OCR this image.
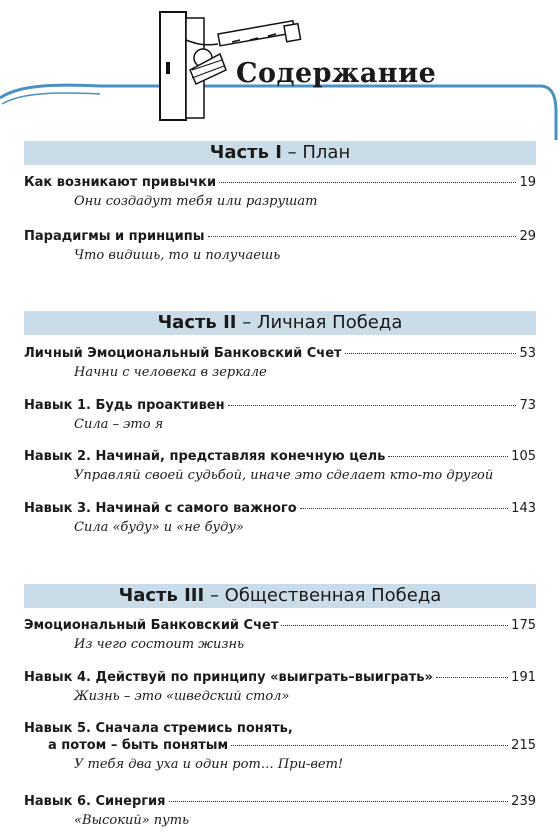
Содержание
Часть I – План
Как возникают привычки	19
Они создадут тебя или разрушат
Парадигмы и принципы	29
Что видишь, то и получаешь
Часть II – Личная Победа
Личный Эмоциональный Банковский Счет	53
Начни с человека в зеркале
Навык 1. Будь проактивен	73
Сила – это я
Навык 2. Начинай, представляя конечную цель	105
Управляй своей судьбой, иначе это сделает кто-то другой
Навык 3. Начинай с самого важного	143
Сила «буду» и «не буду»
Часть III – Общественная Победа
Эмоциональный Банковский Счет	175
Из чего состоит жизнь
Навык 4. Действуй по принципу «выиграть–выиграть»	191
Жизнь – это «шведский стол»
Навык 5. Сначала стремись понять,
а потом – быть понятым	215
У тебя два уха и один рот… При-вет!
Навык 6. Синергия	239
«Высокий» путь
